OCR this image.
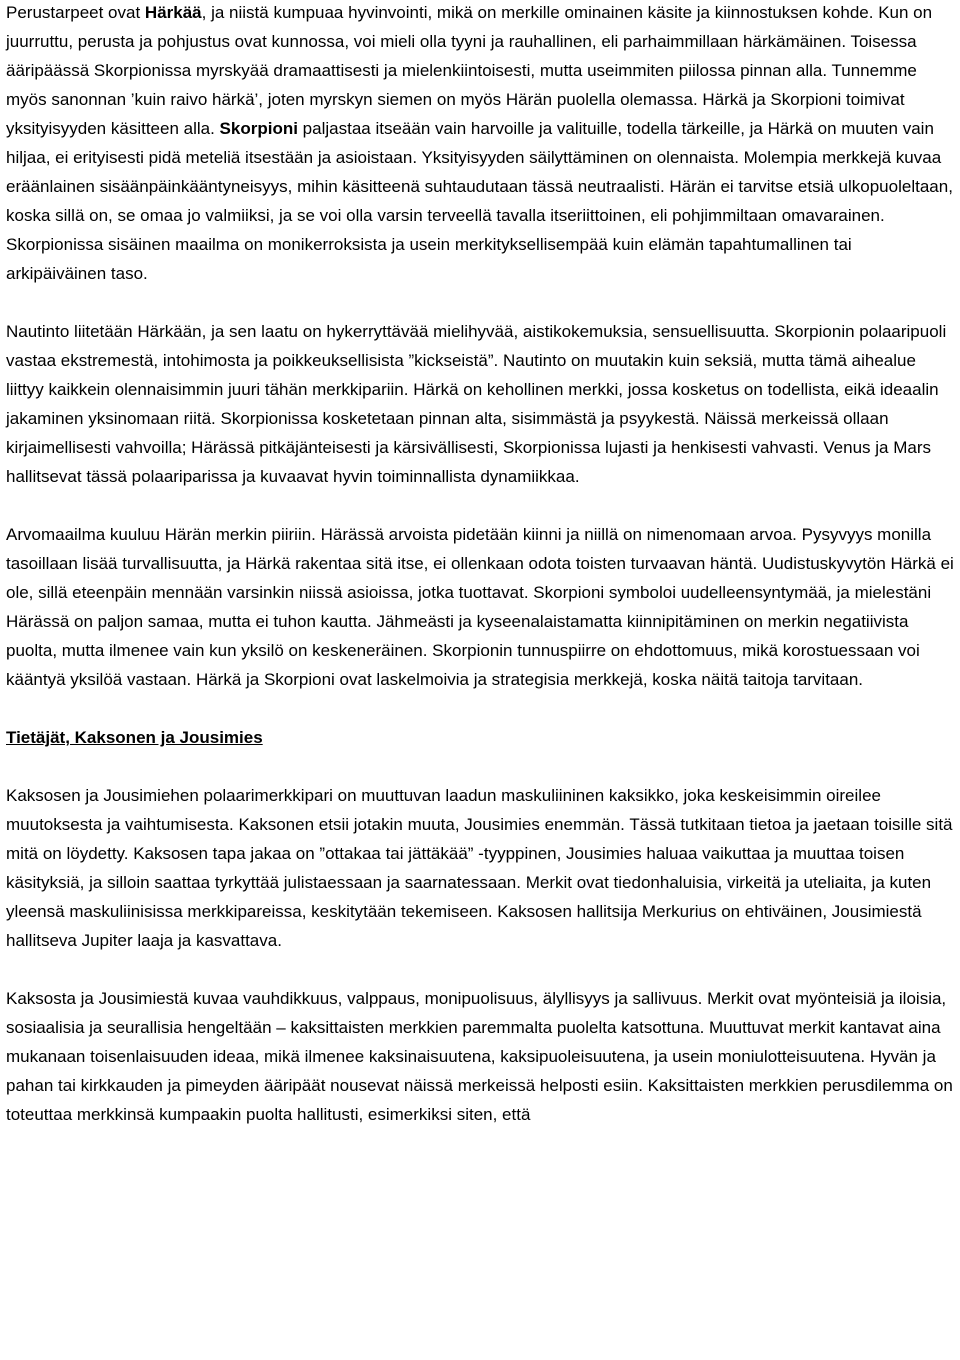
Perustarpeet ovat Härkää, ja niistä kumpuaa hyvinvointi, mikä on merkille ominainen käsite ja kiinnostuksen kohde. Kun on juurruttu, perusta ja pohjustus ovat kunnossa, voi mieli olla tyyni ja rauhallinen, eli parhaimmillaan härkämäinen. Toisessa ääripäässä Skorpionissa myrskyää dramaattisesti ja mielenkiintoisesti, mutta useimmiten piilossa pinnan alla. Tunnemme myös sanonnan ’kuin raivo härkä’, joten myrskyn siemen on myös Härän puolella olemassa. Härkä ja Skorpioni toimivat yksityisyyden käsitteen alla. Skorpioni paljastaa itseään vain harvoille ja valituille, todella tärkeille, ja Härkä on muuten vain hiljaa, ei erityisesti pidä meteliä itsestään ja asioistaan. Yksityisyyden säilyttäminen on olennaista. Molempia merkkejä kuvaa eräänlainen sisäänpäinkääntyneisyys, mihin käsitteenä suhtaudutaan tässä neutraalisti. Härän ei tarvitse etsiä ulkopuoleltaan, koska sillä on, se omaa jo valmiiksi, ja se voi olla varsin terveellä tavalla itseriittoinen, eli pohjimmiltaan omavarainen. Skorpionissa sisäinen maailma on monikerroksista ja usein merkityksellisempää kuin elämän tapahtumallinen tai arkipäiväinen taso.

Nautinto liitetään Härkään, ja sen laatu on hykerryttävää mielihyvää, aistikokemuksia, sensuellisuutta. Skorpionin polaaripuoli vastaa ekstremestä, intohimosta ja poikkeuksellisista ”kickseistä”. Nautinto on muutakin kuin seksiä, mutta tämä aihealue liittyy kaikkein olennaisimmin juuri tähän merkkipariin. Härkä on kehollinen merkki, jossa kosketus on todellista, eikä ideaalin jakaminen yksinomaan riitä. Skorpionissa kosketetaan pinnan alta, sisimmästä ja psyykestä. Näissä merkeissä ollaan kirjaimellisesti vahvoilla; Härässä pitkäjänteisesti ja kärsivällisesti, Skorpionissa lujasti ja henkisesti vahvasti. Venus ja Mars hallitsevat tässä polaariparissa ja kuvaavat hyvin toiminnallista dynamiikkaa.

Arvomaailma kuuluu Härän merkin piiriin. Härässä arvoista pidetään kiinni ja niillä on nimenomaan arvoa. Pysyvyys monilla tasoillaan lisää turvallisuutta, ja Härkä rakentaa sitä itse, ei ollenkaan odota toisten turvaavan häntä. Uudistuskyvytön Härkä ei ole, sillä eteenpäin mennään varsinkin niissä asioissa, jotka tuottavat. Skorpioni symboloi uudelleensyntymää, ja mielestäni Härässä on paljon samaa, mutta ei tuhon kautta. Jähmeästi ja kyseenalaistamatta kiinnipitäminen on merkin negatiivista puolta, mutta ilmenee vain kun yksilö on keskeneräinen. Skorpionin tunnuspiirre on ehdottomuus, mikä korostuessaan voi kääntyä yksilöä vastaan. Härkä ja Skorpioni ovat laskelmoivia ja strategisia merkkejä, koska näitä taitoja tarvitaan.

Tietäjät, Kaksonen ja Jousimies

Kaksosen ja Jousimiehen polaarimerkkipari on muuttuvan laadun maskuliininen kaksikko, joka keskeisimmin oireilee muutoksesta ja vaihtumisesta. Kaksonen etsii jotakin muuta, Jousimies enemmän. Tässä tutkitaan tietoa ja jaetaan toisille sitä mitä on löydetty. Kaksosen tapa jakaa on ”ottakaa tai jättäkää” -tyyppinen, Jousimies haluaa vaikuttaa ja muuttaa toisen käsityksiä, ja silloin saattaa tyrkyttää julistaessaan ja saarnatessaan. Merkit ovat tiedonhaluisia, virkeitä ja uteliaita, ja kuten yleensä maskuliinisissa merkkipareissa, keskitytään tekemiseen. Kaksosen hallitsija Merkurius on ehtiväinen, Jousimiestä hallitseva Jupiter laaja ja kasvattava.

Kaksosta ja Jousimiestä kuvaa vauhdikkuus, valppaus, monipuolisuus, älyllisyys ja sallivuus. Merkit ovat myönteisiä ja iloisia, sosiaalisia ja seurallisia hengeltään – kaksittaisten merkkien paremmalta puolelta katsottuna. Muuttuvat merkit kantavat aina mukanaan toisenlaisuuden ideaa, mikä ilmenee kaksinaisuutena, kaksipuoleisuutena, ja usein moniulotteisuutena. Hyvän ja pahan tai kirkkauden ja pimeyden ääripäät nousevat näissä merkeissä helposti esiin. Kaksittaisten merkkien perusdilemma on toteuttaa merkkinsä kumpaakin puolta hallitusti, esimerkiksi siten, että
